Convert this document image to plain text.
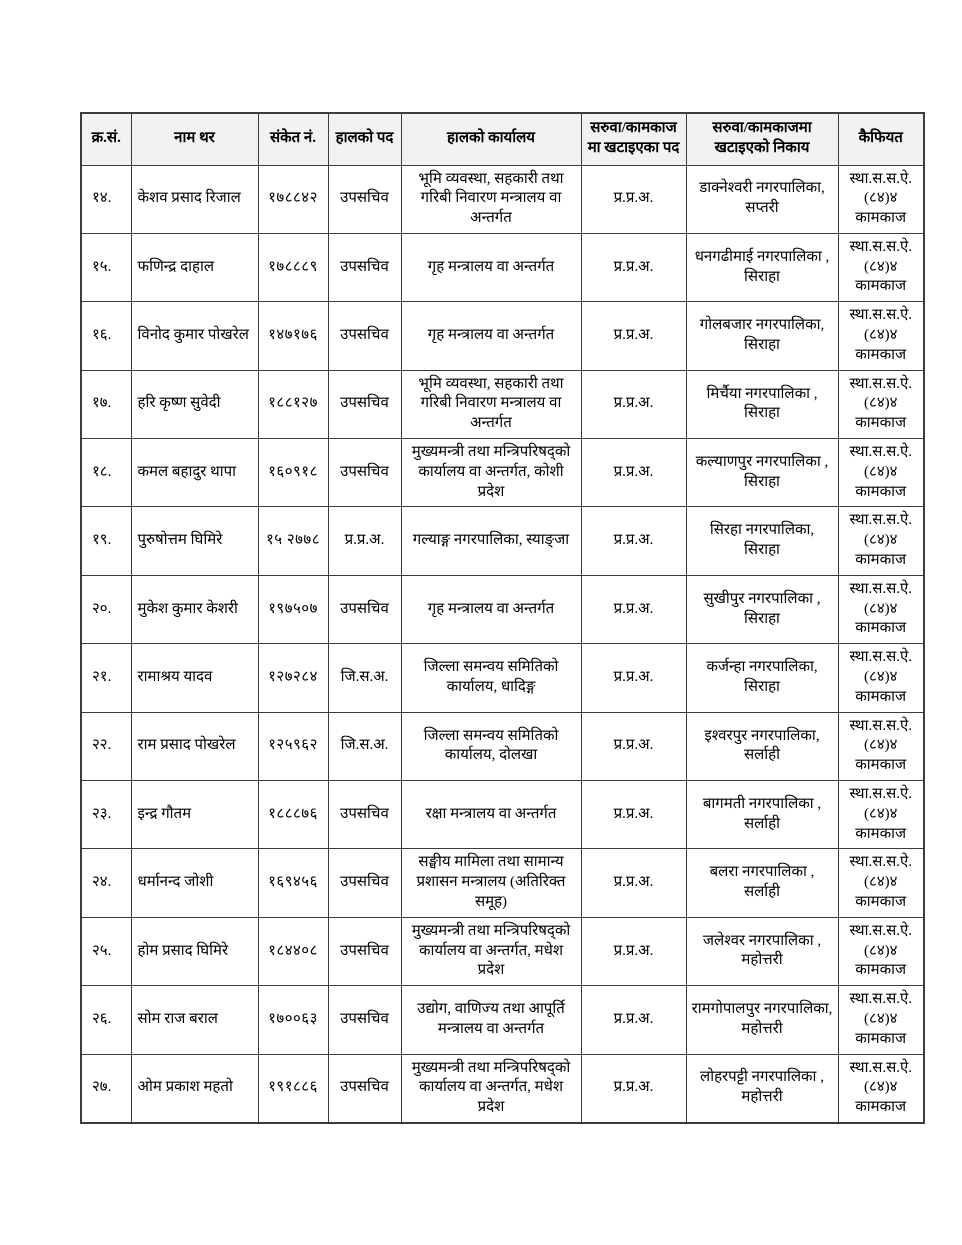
क्र.सं.	नाम थर	संकेत नं.	हालको पद	हालको कार्यालय	सरुवा/कामकाज मा खटाइएका पद	सरुवा/कामकाजमा खटाइएको निकाय	कैफियत
१४.	केशव प्रसाद रिजाल	१७८८४२	उपसचिव	भूमि व्यवस्था, सहकारी तथा गरिबी निवारण मन्त्रालय वा अन्तर्गत	प्र.प्र.अ.	डाक्नेश्वरी नगरपालिका, सप्तरी	स्था.स.स.ऐ. (८४)४ कामकाज
१५.	फणिन्द्र दाहाल	१७८८८९	उपसचिव	गृह मन्त्रालय वा अन्तर्गत	प्र.प्र.अ.	धनगढीमाई नगरपालिका , सिराहा	स्था.स.स.ऐ. (८४)४ कामकाज
१६.	विनोद कुमार पोखरेल	१४७१७६	उपसचिव	गृह मन्त्रालय वा अन्तर्गत	प्र.प्र.अ.	गोलबजार नगरपालिका, सिराहा	स्था.स.स.ऐ. (८४)४ कामकाज
१७.	हरि कृष्ण सुवेदी	१८८१२७	उपसचिव	भूमि व्यवस्था, सहकारी तथा गरिबी निवारण मन्त्रालय वा अन्तर्गत	प्र.प्र.अ.	मिर्चैया नगरपालिका , सिराहा	स्था.स.स.ऐ. (८४)४ कामकाज
१८.	कमल बहादुर थापा	१६०९१८	उपसचिव	मुख्यमन्त्री तथा मन्त्रिपरिषद्को कार्यालय वा अन्तर्गत, कोशी प्रदेश	प्र.प्र.अ.	कल्याणपुर नगरपालिका , सिराहा	स्था.स.स.ऐ. (८४)४ कामकाज
१९.	पुरुषोत्तम घिमिरे	१५ २७७८	प्र.प्र.अ.	गल्याङ्ग नगरपालिका, स्याङ्जा	प्र.प्र.अ.	सिरहा नगरपालिका, सिराहा	स्था.स.स.ऐ. (८४)४ कामकाज
२०.	मुकेश कुमार केशरी	१९७५०७	उपसचिव	गृह मन्त्रालय वा अन्तर्गत	प्र.प्र.अ.	सुखीपुर नगरपालिका , सिराहा	स्था.स.स.ऐ. (८४)४ कामकाज
२१.	रामाश्रय यादव	१२७२८४	जि.स.अ.	जिल्ला समन्वय समितिको कार्यालय, धादिङ्ग	प्र.प्र.अ.	कर्जन्हा नगरपालिका, सिराहा	स्था.स.स.ऐ. (८४)४ कामकाज
२२.	राम प्रसाद पोखरेल	१२५९६२	जि.स.अ.	जिल्ला समन्वय समितिको कार्यालय, दोलखा	प्र.प्र.अ.	इश्वरपुर नगरपालिका, सर्लाही	स्था.स.स.ऐ. (८४)४ कामकाज
२३.	इन्द्र गौतम	१८८८७६	उपसचिव	रक्षा मन्त्रालय वा अन्तर्गत	प्र.प्र.अ.	बागमती नगरपालिका , सर्लाही	स्था.स.स.ऐ. (८४)४ कामकाज
२४.	धर्मानन्द जोशी	१६९४५६	उपसचिव	सङ्घीय मामिला तथा सामान्य प्रशासन मन्त्रालय (अतिरिक्त समूह)	प्र.प्र.अ.	बलरा नगरपालिका , सर्लाही	स्था.स.स.ऐ. (८४)४ कामकाज
२५.	होम प्रसाद घिमिरे	१८४४०८	उपसचिव	मुख्यमन्त्री तथा मन्त्रिपरिषद्को कार्यालय वा अन्तर्गत, मधेश प्रदेश	प्र.प्र.अ.	जलेश्वर नगरपालिका , महोत्तरी	स्था.स.स.ऐ. (८४)४ कामकाज
२६.	सोम राज बराल	१७००६३	उपसचिव	उद्योग, वाणिज्य तथा आपूर्ति मन्त्रालय वा अन्तर्गत	प्र.प्र.अ.	रामगोपालपुर नगरपालिका, महोत्तरी	स्था.स.स.ऐ. (८४)४ कामकाज
२७.	ओम प्रकाश महतो	१९१८८६	उपसचिव	मुख्यमन्त्री तथा मन्त्रिपरिषद्को कार्यालय वा अन्तर्गत, मधेश प्रदेश	प्र.प्र.अ.	लोहरपट्टी नगरपालिका , महोत्तरी	स्था.स.स.ऐ. (८४)४ कामकाज
